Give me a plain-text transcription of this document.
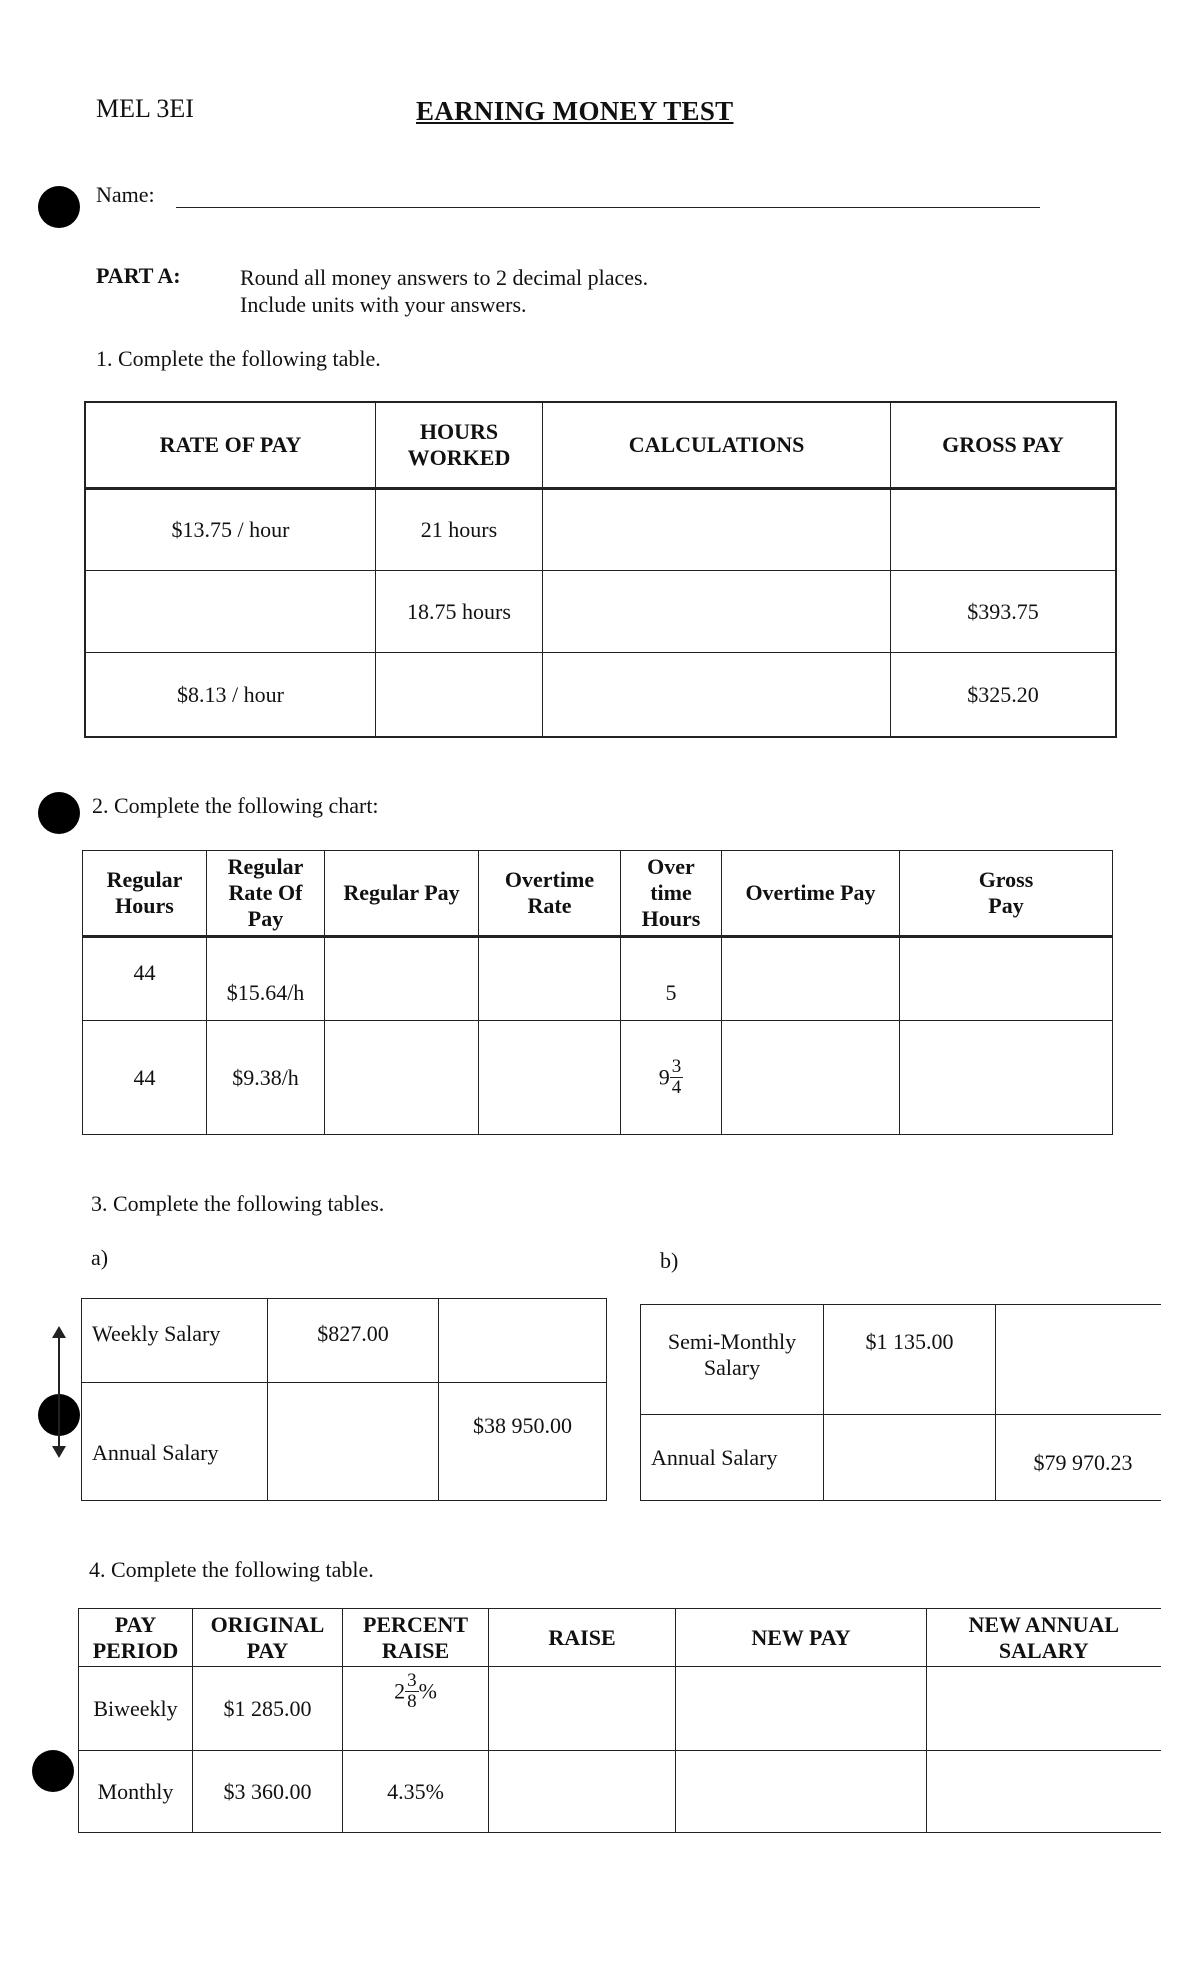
MEL 3EI	EARNING MONEY TEST
Name:
PART A:	Round all money answers to 2 decimal places.
Include units with your answers.
1. Complete the following table.
RATE OF PAY	HOURS WORKED	CALCULATIONS	GROSS PAY
$13.75 / hour	21 hours		
	18.75 hours		$393.75
$8.13 / hour			$325.20
2. Complete the following chart:
Regular Hours	Regular Rate Of Pay	Regular Pay	Overtime Rate	Over time Hours	Overtime Pay	Gross Pay
44	$15.64/h			5		
44	$9.38/h			$9 \frac{3}{4}$

3. Complete the following tables.
a)	b)
Weekly Salary	$827.00	
Annual Salary		$38 950.00
Semi-Monthly Salary	$1 135.00	
Annual Salary		$79 970.23
4. Complete the following table.
PAY PERIOD	ORIGINAL PAY	PERCENT RAISE	RAISE	NEW PAY	NEW ANNUAL SALARY
Biweekly	$1 285.00	$2 \frac{3}{8}$ %			
Monthly	$3 360.00	4.35%			
